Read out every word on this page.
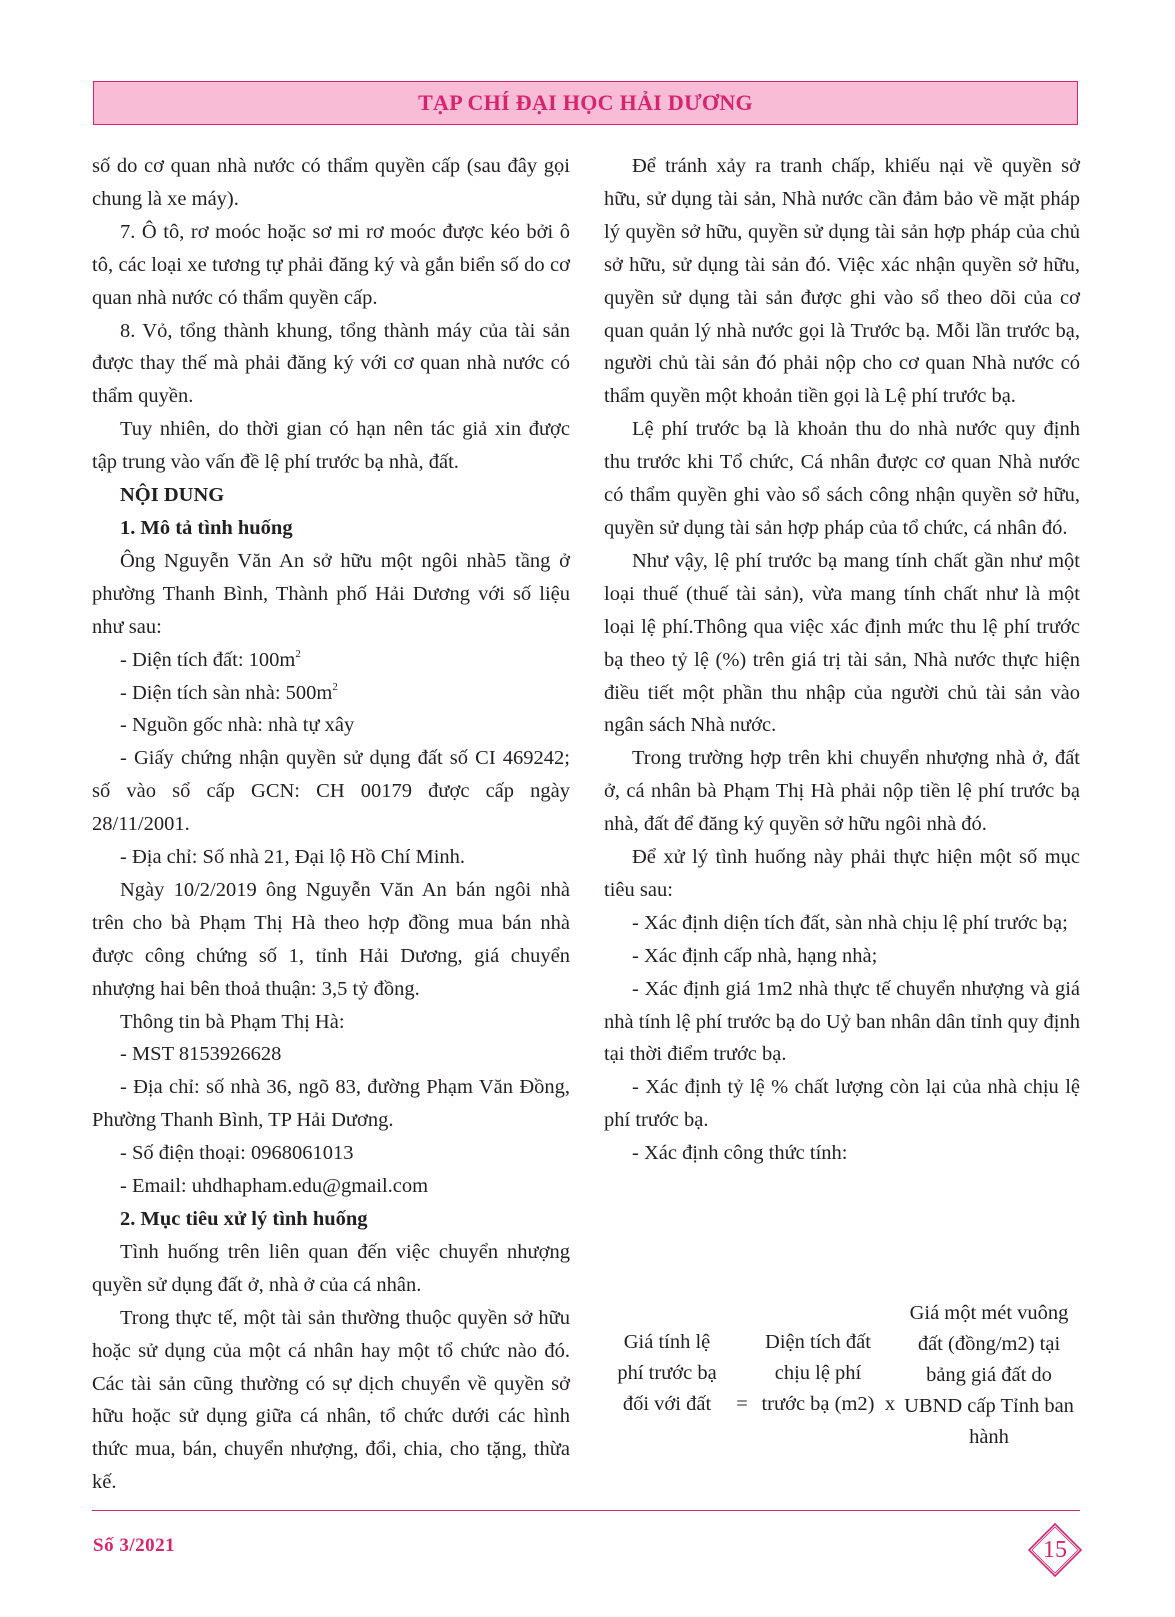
TẠP CHÍ ĐẠI HỌC HẢI DƯƠNG

số do cơ quan nhà nước có thẩm quyền cấp (sau đây gọi chung là xe máy).

7. Ô tô, rơ moóc hoặc sơ mi rơ moóc được kéo bởi ô tô, các loại xe tương tự phải đăng ký và gắn biển số do cơ quan nhà nước có thẩm quyền cấp.

8. Vỏ, tổng thành khung, tổng thành máy của tài sản được thay thế mà phải đăng ký với cơ quan nhà nước có thẩm quyền.

Tuy nhiên, do thời gian có hạn nên tác giả xin được tập trung vào vấn đề lệ phí trước bạ nhà, đất.

NỘI DUNG

1. Mô tả tình huống

Ông Nguyễn Văn An sở hữu một ngôi nhà5 tầng ở phường Thanh Bình, Thành phố Hải Dương với số liệu như sau:

- Diện tích đất: $100m^2$

- Diện tích sàn nhà: $500m^2$

- Nguồn gốc nhà: nhà tự xây

- Giấy chứng nhận quyền sử dụng đất số CI 469242; số vào sổ cấp GCN: CH 00179 được cấp ngày 28/11/2001.

- Địa chỉ: Số nhà 21, Đại lộ Hồ Chí Minh.

Ngày 10/2/2019 ông Nguyễn Văn An bán ngôi nhà trên cho bà Phạm Thị Hà theo hợp đồng mua bán nhà được công chứng số 1, tỉnh Hải Dương, giá chuyển nhượng hai bên thoả thuận: 3,5 tỷ đồng.

Thông tin bà Phạm Thị Hà:

- MST 8153926628

- Địa chỉ: số nhà 36, ngõ 83, đường Phạm Văn Đồng, Phường Thanh Bình, TP Hải Dương.

- Số điện thoại: 0968061013

- Email: uhdhapham.edu@gmail.com

2. Mục tiêu xử lý tình huống

Tình huống trên liên quan đến việc chuyển nhượng quyền sử dụng đất ở, nhà ở của cá nhân.

Trong thực tế, một tài sản thường thuộc quyền sở hữu hoặc sử dụng của một cá nhân hay một tổ chức nào đó. Các tài sản cũng thường có sự dịch chuyển về quyền sở hữu hoặc sử dụng giữa cá nhân, tổ chức dưới các hình thức mua, bán, chuyển nhượng, đổi, chia, cho tặng, thừa kế.

Để tránh xảy ra tranh chấp, khiếu nại về quyền sở hữu, sử dụng tài sản, Nhà nước cần đảm bảo về mặt pháp lý quyền sở hữu, quyền sử dụng tài sản hợp pháp của chủ sở hữu, sử dụng tài sản đó. Việc xác nhận quyền sở hữu, quyền sử dụng tài sản được ghi vào sổ theo dõi của cơ quan quản lý nhà nước gọi là Trước bạ. Mỗi lần trước bạ, người chủ tài sản đó phải nộp cho cơ quan Nhà nước có thẩm quyền một khoản tiền gọi là Lệ phí trước bạ.

Lệ phí trước bạ là khoản thu do nhà nước quy định thu trước khi Tổ chức, Cá nhân được cơ quan Nhà nước có thẩm quyền ghi vào sổ sách công nhận quyền sở hữu, quyền sử dụng tài sản hợp pháp của tổ chức, cá nhân đó.

Như vậy, lệ phí trước bạ mang tính chất gần như một loại thuế (thuế tài sản), vừa mang tính chất như là một loại lệ phí.Thông qua việc xác định mức thu lệ phí trước bạ theo tỷ lệ (%) trên giá trị tài sản, Nhà nước thực hiện điều tiết một phần thu nhập của người chủ tài sản vào ngân sách Nhà nước.

Trong trường hợp trên khi chuyển nhượng nhà ở, đất ở, cá nhân bà Phạm Thị Hà phải nộp tiền lệ phí trước bạ nhà, đất để đăng ký quyền sở hữu ngôi nhà đó.

Để xử lý tình huống này phải thực hiện một số mục tiêu sau:

- Xác định diện tích đất, sàn nhà chịu lệ phí trước bạ;

- Xác định cấp nhà, hạng nhà;

- Xác định giá 1m2 nhà thực tế chuyển nhượng và giá nhà tính lệ phí trước bạ do Uỷ ban nhân dân tỉnh quy định tại thời điểm trước bạ.

- Xác định tỷ lệ % chất lượng còn lại của nhà chịu lệ phí trước bạ.

- Xác định công thức tính:

Giá tính lệ phí trước bạ đối với đất	=
Diện tích đất chịu lệ phí trước bạ (m2) x
Giá một mét vuông đất (đồng/m2) tại bảng giá đất do UBND cấp Tỉnh ban hành
Số 3/2021	15
